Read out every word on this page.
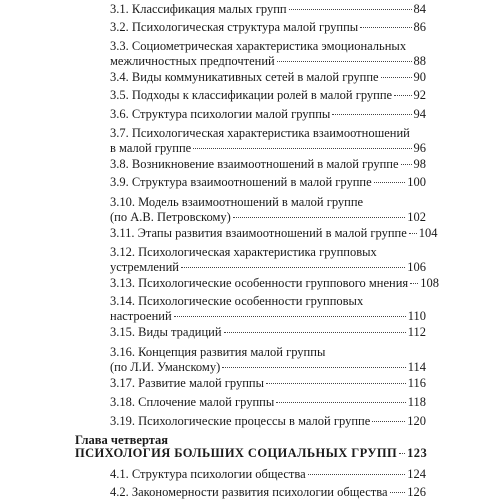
3.1. Классификация малых групп	84
3.2. Психологическая структура малой группы	86
3.3. Социометрическая характеристика эмоциональных
межличностных предпочтений	88
3.4. Виды коммуникативных сетей в малой группе	90
3.5. Подходы к классификации ролей в малой группе 92
3.6. Структура психологии малой группы	94
3.7. Психологическая характеристика взаимоотношений
в малой группе	96
3.8. Возникновение взаимоотношений в малой группе 98
3.9. Структура взаимоотношений в малой группе	100
3.10. Модель взаимоотношений в малой группе
(по А.В. Петровскому)	102
3.11. Этапы развития взаимоотношений в малой группе 104
3.12. Психологическая характеристика групповых
устремлений	106
3.13. Психологические особенности группового мнения 108
3.14. Психологические особенности групповых
настроений	110
3.15. Виды традиций	112
3.16. Концепция развития малой группы
(по Л.И. Уманскому)	114
3.17. Развитие малой группы	116
3.18. Сплочение малой группы	118
3.19. Психологические процессы в малой группе	120
Глава четвертая
ПСИХОЛОГИЯ БОЛЬШИХ СОЦИАЛЬНЫХ ГРУПП 123
4.1. Структура психологии общества	124
4.2. Закономерности развития психологии общества 126
